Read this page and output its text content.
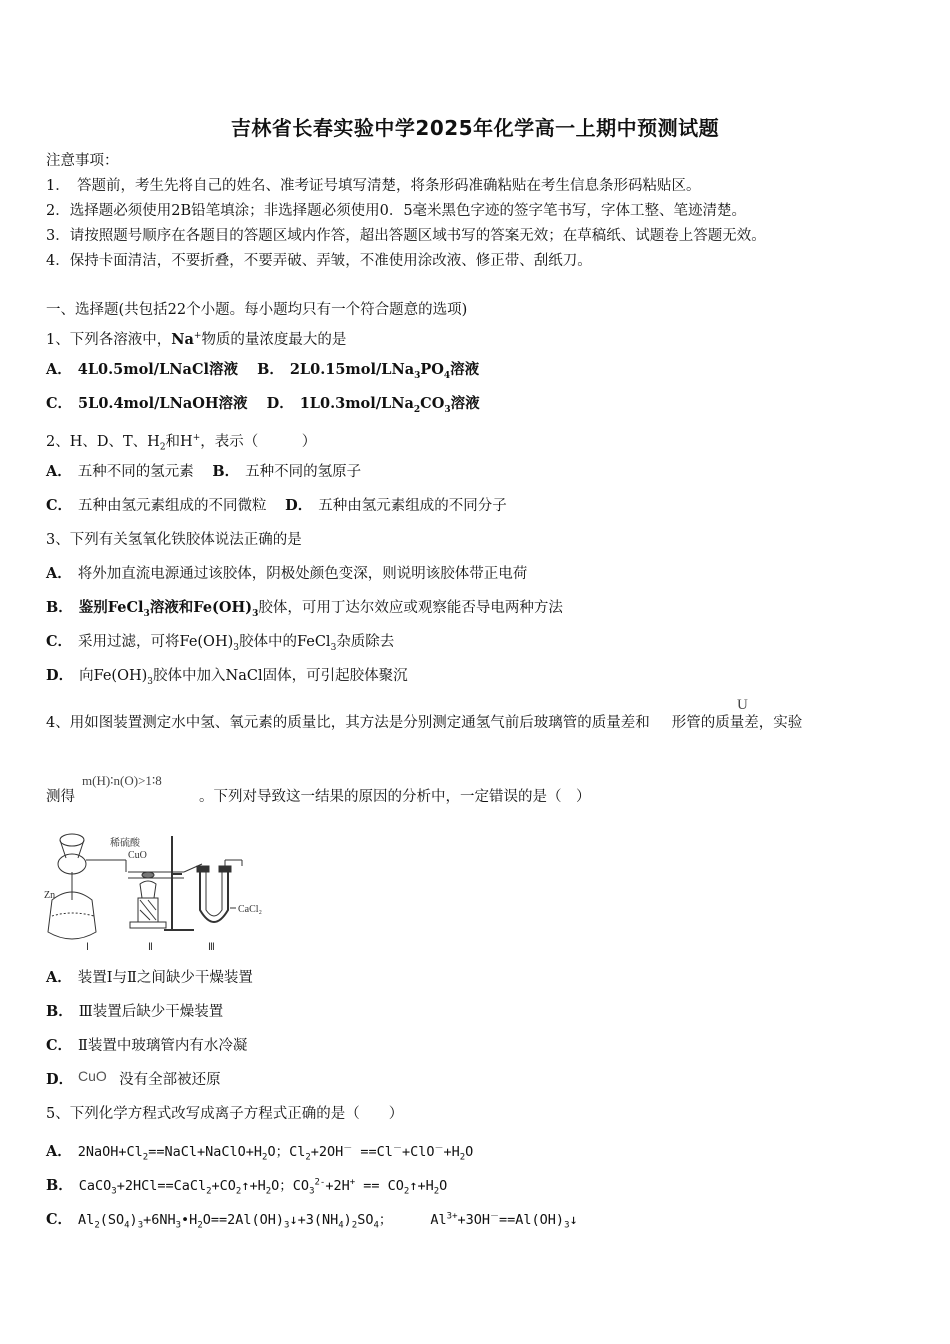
吉林省长春实验中学2025年化学高一上期中预测试题
注意事项：
1．　答题前，考生先将自己的姓名、准考证号填写清楚，将条形码准确粘贴在考生信息条形码粘贴区。
2．选择题必须使用2B铅笔填涂；非选择题必须使用0．5毫米黑色字迹的签字笔书写，字体工整、笔迹清楚。
3．请按照题号顺序在各题目的答题区域内作答，超出答题区域书写的答案无效；在草稿纸、试题卷上答题无效。
4．保持卡面清洁，不要折叠，不要弄破、弄皱，不准使用涂改液、修正带、刮纸刀。
一、选择题(共包括22个小题。每小题均只有一个符合题意的选项)
1、下列各溶液中，Na+物质的量浓度最大的是
A． 4L0.5mol/LNaCl溶液 B． $2L0.15mol/LNa_3PO_4$溶液
C． 5L0.4mol/LNaOH溶液 D． $1L0.3mol/LNa_2CO_3$溶液
2、H、D、T、$H_2$和H+，表示（　　　）
A． 五种不同的氢元素 B． 五种不同的氢原子
C． 五种由氢元素组成的不同微粒 D． 五种由氢元素组成的不同分子
3、下列有关氢氧化铁胶体说法正确的是
A． 将外加直流电源通过该胶体，阴极处颜色变深，则说明该胶体带正电荷
B． 鉴别FeCl$_3$溶液和$Fe(OH)_3$胶体，可用丁达尔效应或观察能否导电两种方法
C． 采用过滤，可将$Fe(OH)_3$胶体中的FeCl$_3$杂质除去
D． 向$Fe(OH)_3$胶体中加入NaCl固体，可引起胶体聚沉
4、用如图装置测定水中氢、氧元素的质量比，其方法是分别测定通氢气前后玻璃管的质量差和 形管的质量差，实验
U
测得	。下列对导致这一结果的原因的分析中，一定错误的是（　）
m(H)∶n(O)>1∶8
稀硫酸
CuO
Zn
CaCl₂
Ⅰ	Ⅱ	Ⅲ
A． 装置Ⅰ与Ⅱ之间缺少干燥装置
B． Ⅲ装置后缺少干燥装置
C． Ⅱ装置中玻璃管内有水冷凝
D．	没有全部被还原
CuO
5、下列化学方程式改写成离子方程式正确的是（　　）
A． $2NaOH+Cl_2==NaCl+NaClO+H_2O$；$Cl_2+2OH^- ==Cl^-+ClO^-+H_2O$
B． $CaCO_3+2HCl==CaCl_2+CO_2↑+H_2O$；$CO_3^{2-}+2H^+$ == $CO_2↑+H_2O$
C． $Al_2(SO_4)_3+6NH_3•H_2O==2Al(OH)_3↓+3(NH_4)_2SO_4$；	$Al^{3+}+3OH^-==Al(OH)_3↓$
